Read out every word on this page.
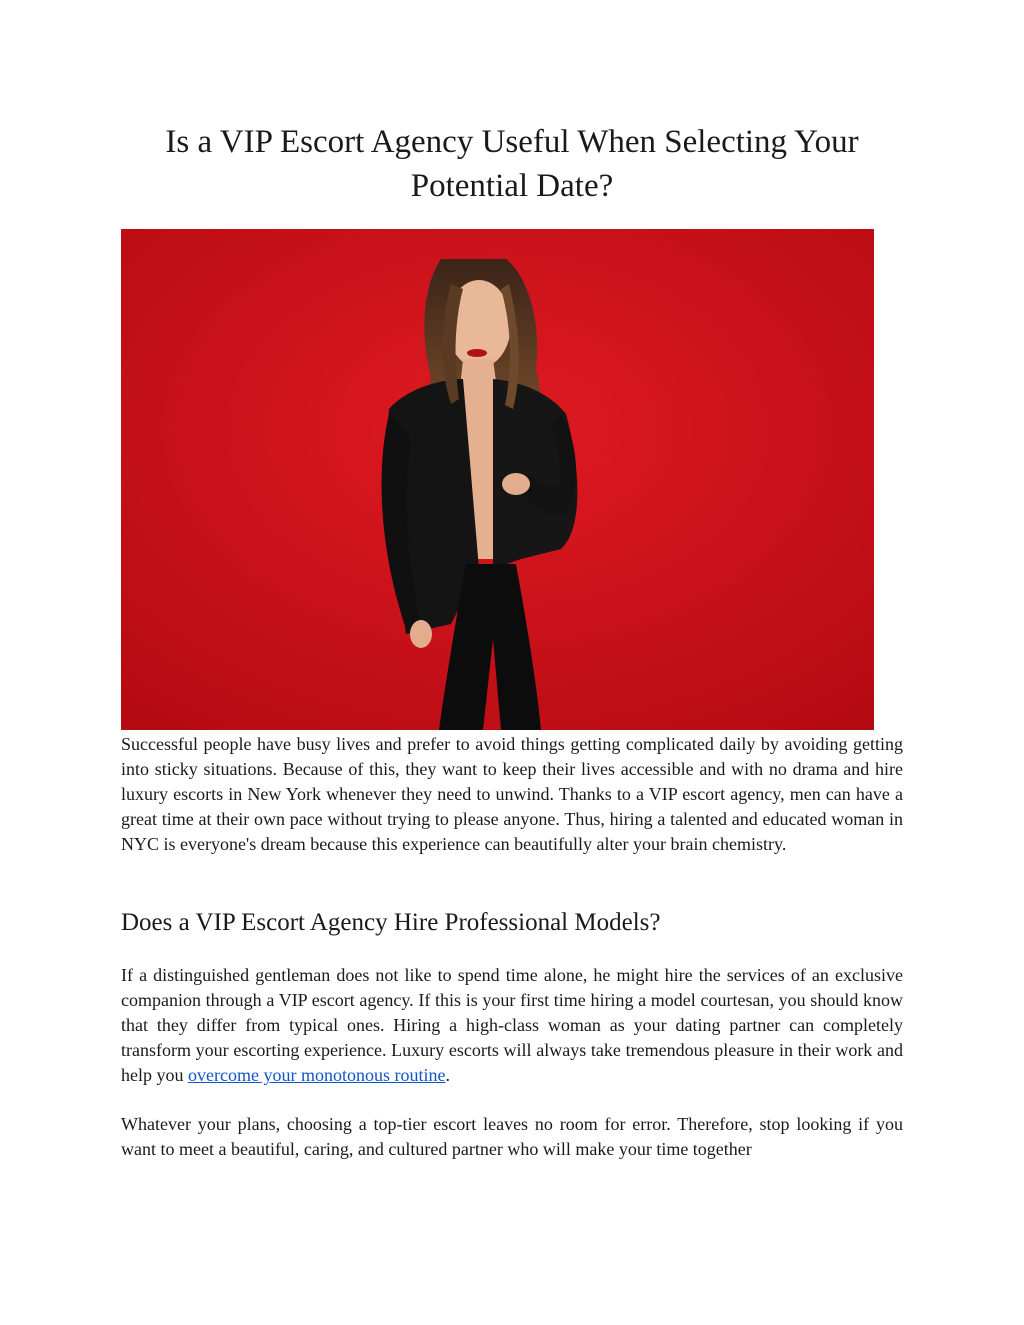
Is a VIP Escort Agency Useful When Selecting Your Potential Date?

Successful people have busy lives and prefer to avoid things getting complicated daily by avoiding getting into sticky situations. Because of this, they want to keep their lives accessible and with no drama and hire luxury escorts in New York whenever they need to unwind. Thanks to a VIP escort agency, men can have a great time at their own pace without trying to please anyone. Thus, hiring a talented and educated woman in NYC is everyone's dream because this experience can beautifully alter your brain chemistry.

Does a VIP Escort Agency Hire Professional Models?

If a distinguished gentleman does not like to spend time alone, he might hire the services of an exclusive companion through a VIP escort agency. If this is your first time hiring a model courtesan, you should know that they differ from typical ones. Hiring a high-class woman as your dating partner can completely transform your escorting experience. Luxury escorts will always take tremendous pleasure in their work and help you overcome your monotonous routine.

Whatever your plans, choosing a top-tier escort leaves no room for error. Therefore, stop looking if you want to meet a beautiful, caring, and cultured partner who will make your time together
